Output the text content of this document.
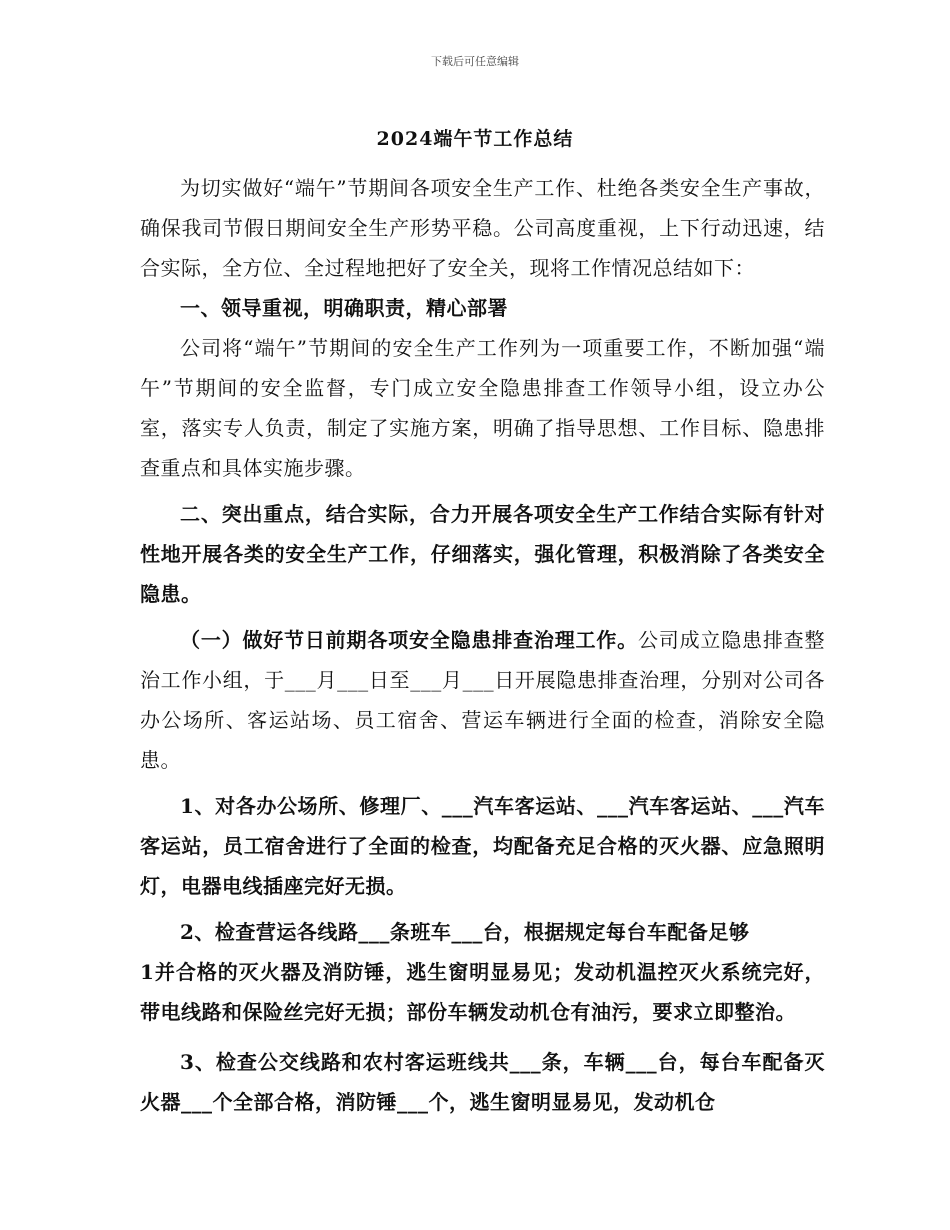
下载后可任意编辑
2024端午节工作总结

为切实做好“端午”节期间各项安全生产工作、杜绝各类安全生产事故，确保我司节假日期间安全生产形势平稳。公司高度重视，上下行动迅速，结合实际，全方位、全过程地把好了安全关，现将工作情况总结如下：

一、领导重视，明确职责，精心部署

公司将“端午”节期间的安全生产工作列为一项重要工作，不断加强“端午”节期间的安全监督，专门成立安全隐患排查工作领导小组，设立办公室，落实专人负责，制定了实施方案，明确了指导思想、工作目标、隐患排查重点和具体实施步骤。

二、突出重点，结合实际，合力开展各项安全生产工作结合实际有针对性地开展各类的安全生产工作，仔细落实，强化管理，积极消除了各类安全隐患。

（一）做好节日前期各项安全隐患排查治理工作。公司成立隐患排查整治工作小组，于___月___日至___月___日开展隐患排查治理，分别对公司各办公场所、客运站场、员工宿舍、营运车辆进行全面的检查，消除安全隐患。

1、对各办公场所、修理厂、___汽车客运站、___汽车客运站、___汽车客运站，员工宿舍进行了全面的检查，均配备充足合格的灭火器、应急照明灯，电器电线插座完好无损。

2、检查营运各线路___条班车___台，根据规定每台车配备足够

1并合格的灭火器及消防锤，逃生窗明显易见；发动机温控灭火系统完好，带电线路和保险丝完好无损；部份车辆发动机仓有油污，要求立即整治。

3、检查公交线路和农村客运班线共___条，车辆___台，每台车配备灭火器___个全部合格，消防锤___个，逃生窗明显易见，发动机仓
